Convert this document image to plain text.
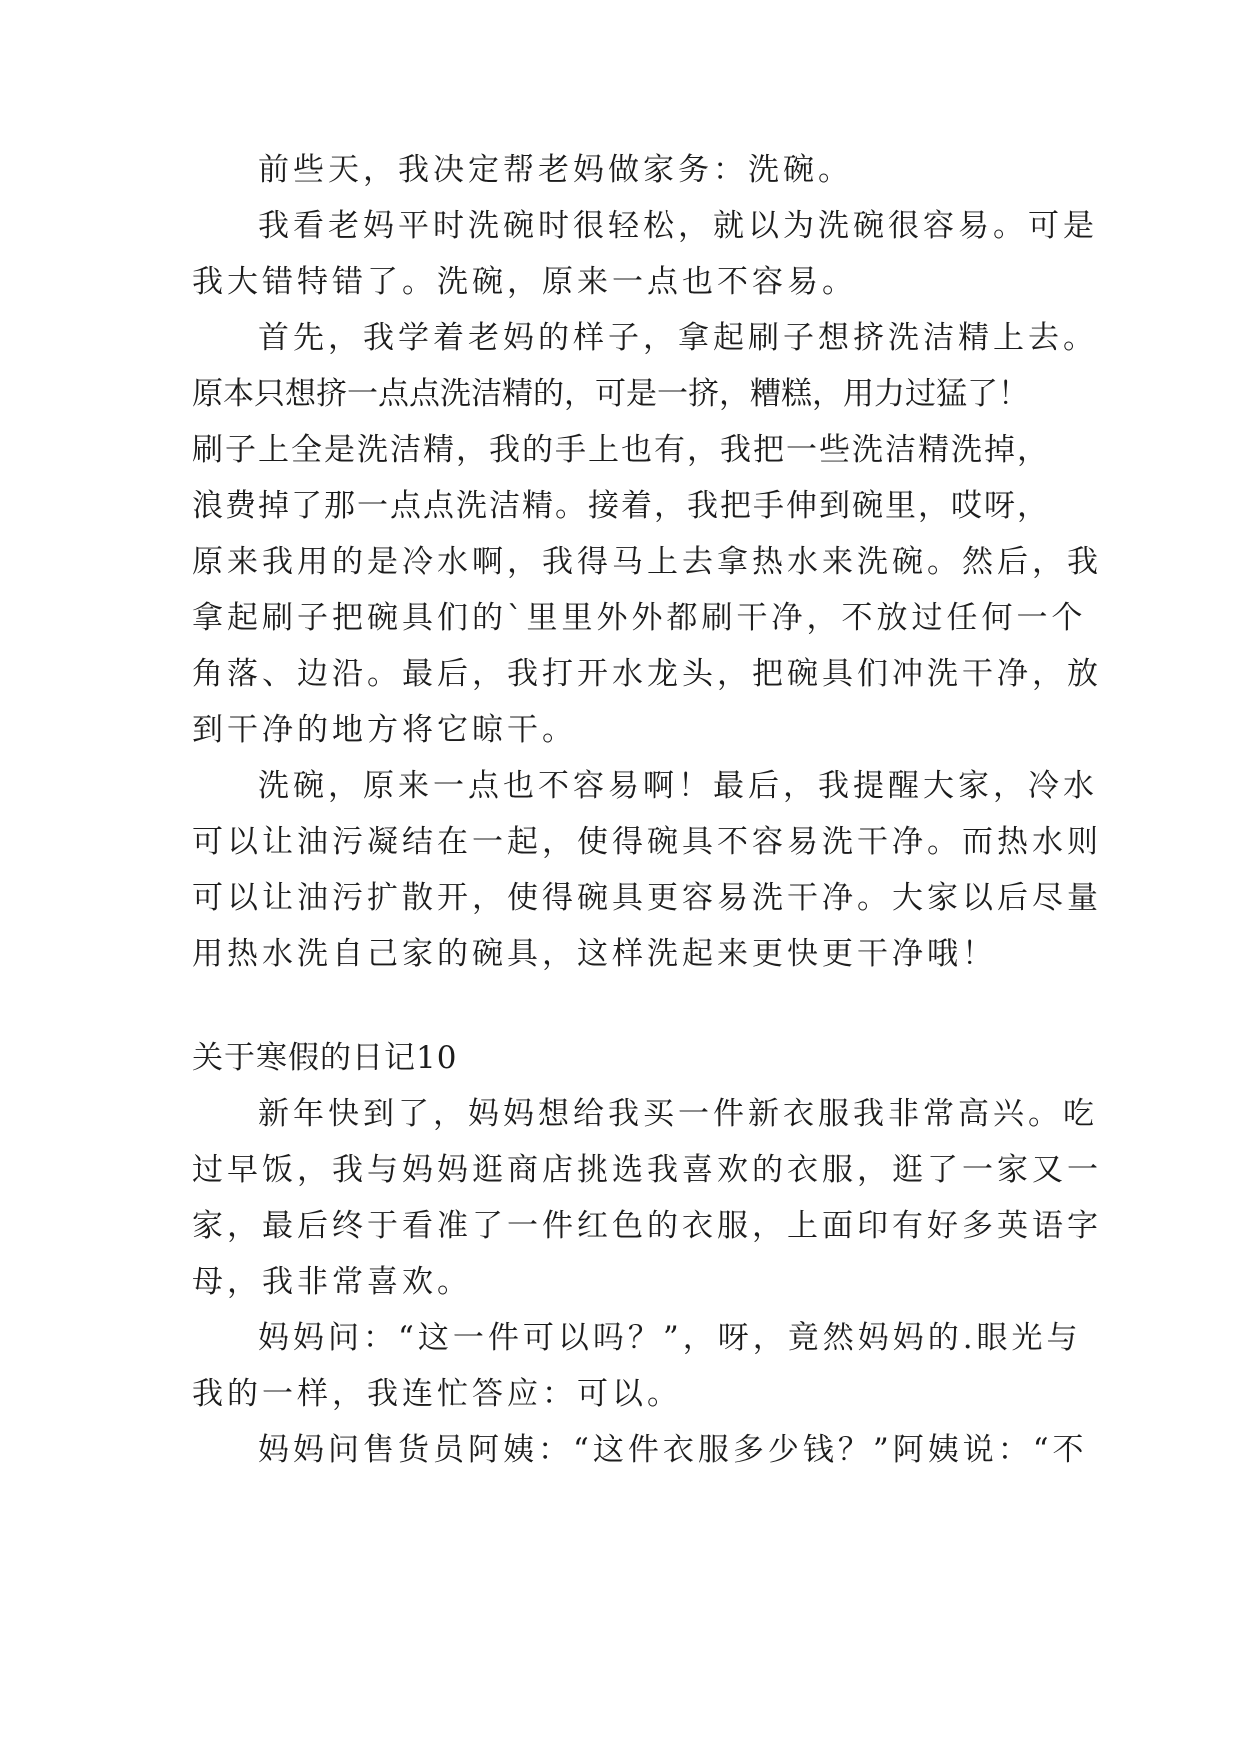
前些天，我决定帮老妈做家务：洗碗。
我看老妈平时洗碗时很轻松，就以为洗碗很容易。可是
我大错特错了。洗碗，原来一点也不容易。
首先，我学着老妈的样子，拿起刷子想挤洗洁精上去。
原本只想挤一点点洗洁精的，可是一挤，糟糕，用力过猛了！
刷子上全是洗洁精，我的手上也有，我把一些洗洁精洗掉，
浪费掉了那一点点洗洁精。接着，我把手伸到碗里，哎呀，
原来我用的是冷水啊，我得马上去拿热水来洗碗。然后，我
拿起刷子把碗具们的`里里外外都刷干净，不放过任何一个
角落、边沿。最后，我打开水龙头，把碗具们冲洗干净，放
到干净的地方将它晾干。
洗碗，原来一点也不容易啊！最后，我提醒大家，冷水
可以让油污凝结在一起，使得碗具不容易洗干净。而热水则
可以让油污扩散开，使得碗具更容易洗干净。大家以后尽量
用热水洗自己家的碗具，这样洗起来更快更干净哦！
关于寒假的日记10
新年快到了，妈妈想给我买一件新衣服我非常高兴。吃
过早饭，我与妈妈逛商店挑选我喜欢的衣服，逛了一家又一
家，最后终于看准了一件红色的衣服，上面印有好多英语字
母，我非常喜欢。
妈妈问：“这一件可以吗？”，呀，竟然妈妈的.眼光与
我的一样，我连忙答应：可以。
妈妈问售货员阿姨：“这件衣服多少钱？”阿姨说：“不
